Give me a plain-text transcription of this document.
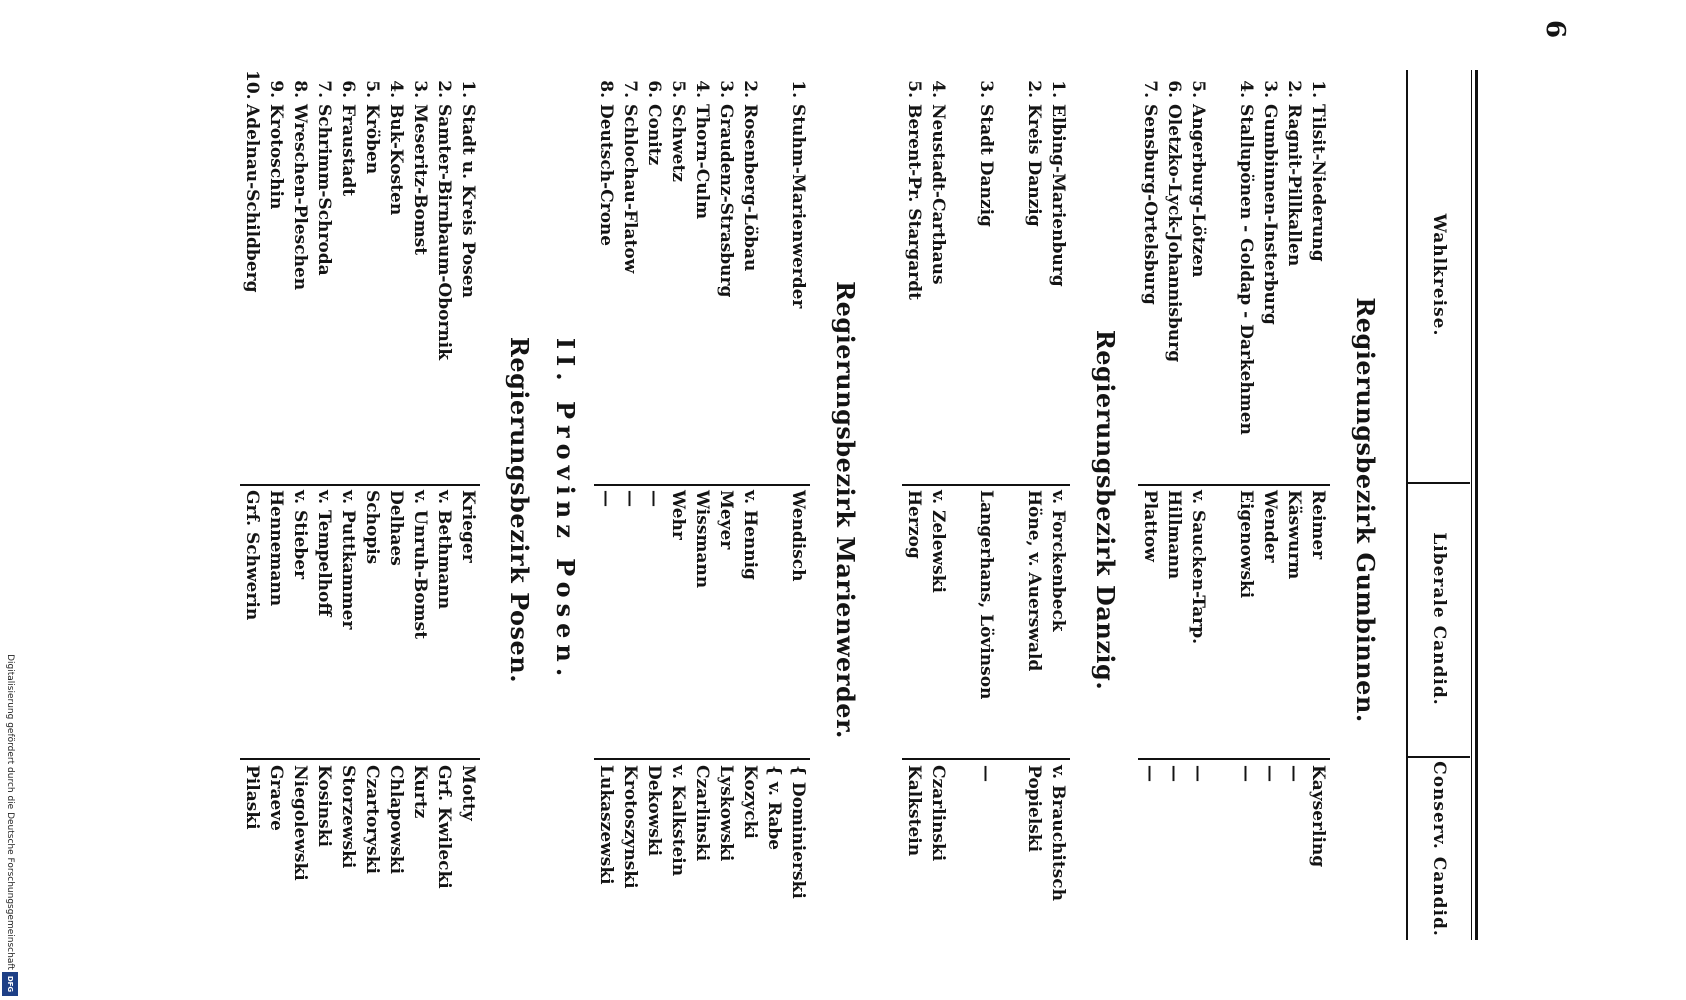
Digitalisierung gefördert durch die Deutsche Forschungsgemeinschaft
DFG
6
Wahlkreise.
Liberale Candid.
Conserv. Candid.
Regierungsbezirk Gumbinnen.
1.
Tilsit-Niederung
Reimer
Kayserling
2.
Ragnit-Pillkallen
Käswurm
—
3.
Gumbinnen-Insterburg
Wender
—
4.
Stallupönen - Goldap - Darkehmen
Eigenowski
—
5.
Angerburg-Lötzen
v. Saucken-Tarp.
—
6.
Oletzko-Lyck-Johannisburg
Hillmann
—
7.
Sensburg-Ortelsburg
Plattow
—
Regierungsbezirk Danzig.
1.
Elbing-Marienburg
v. Forckenbeck
v. Brauchitsch
2.
Kreis Danzig
Höne, v. Auerswald
Popielski
3.
Stadt Danzig
Langerhans, Lövinson
—
4.
Neustadt-Carthaus
v. Zelewski
Czarlinski
5.
Berent-Pr. Stargardt
Herzog
Kalkstein
Regierungsbezirk Marienwerder.
1.
Stuhm-Marienwerder
Wendisch
{ Dominierski
{ v. Rabe
2.
Rosenberg-Löbau
v. Hennig
Kozycki
3.
Graudenz-Strasburg
Meyer
Lyskowski
4.
Thorn-Culm
Wissmann
Czarlinski
5.
Schwetz
Wehr
v. Kalkstein
6.
Conitz
—
Dekowski
7.
Schlochau-Flatow
—
Krotoszynski
8.
Deutsch-Crone
—
Lukaszewski
II. Provinz Posen.
Regierungsbezirk Posen.
1.
Stadt u. Kreis Posen
Krieger
Motty
2.
Samter-Birnbaum-Obornik
v. Bethmann
Grf. Kwilecki
3.
Meseritz-Bomst
v. Unruh-Bomst
Kurtz
4.
Buk-Kosten
Delhaes
Chlapowski
5.
Kröben
Schopis
Czartoryski
6.
Fraustadt
v. Puttkammer
Storzewski
7.
Schrimm-Schroda
v. Tempelhoff
Kosinski
8.
Wreschen-Pleschen
v. Stieber
Niegolewski
9.
Krotoschin
Hennemann
Graeve
10.
Adelnau-Schildberg
Grf. Schwerin
Pilaski
